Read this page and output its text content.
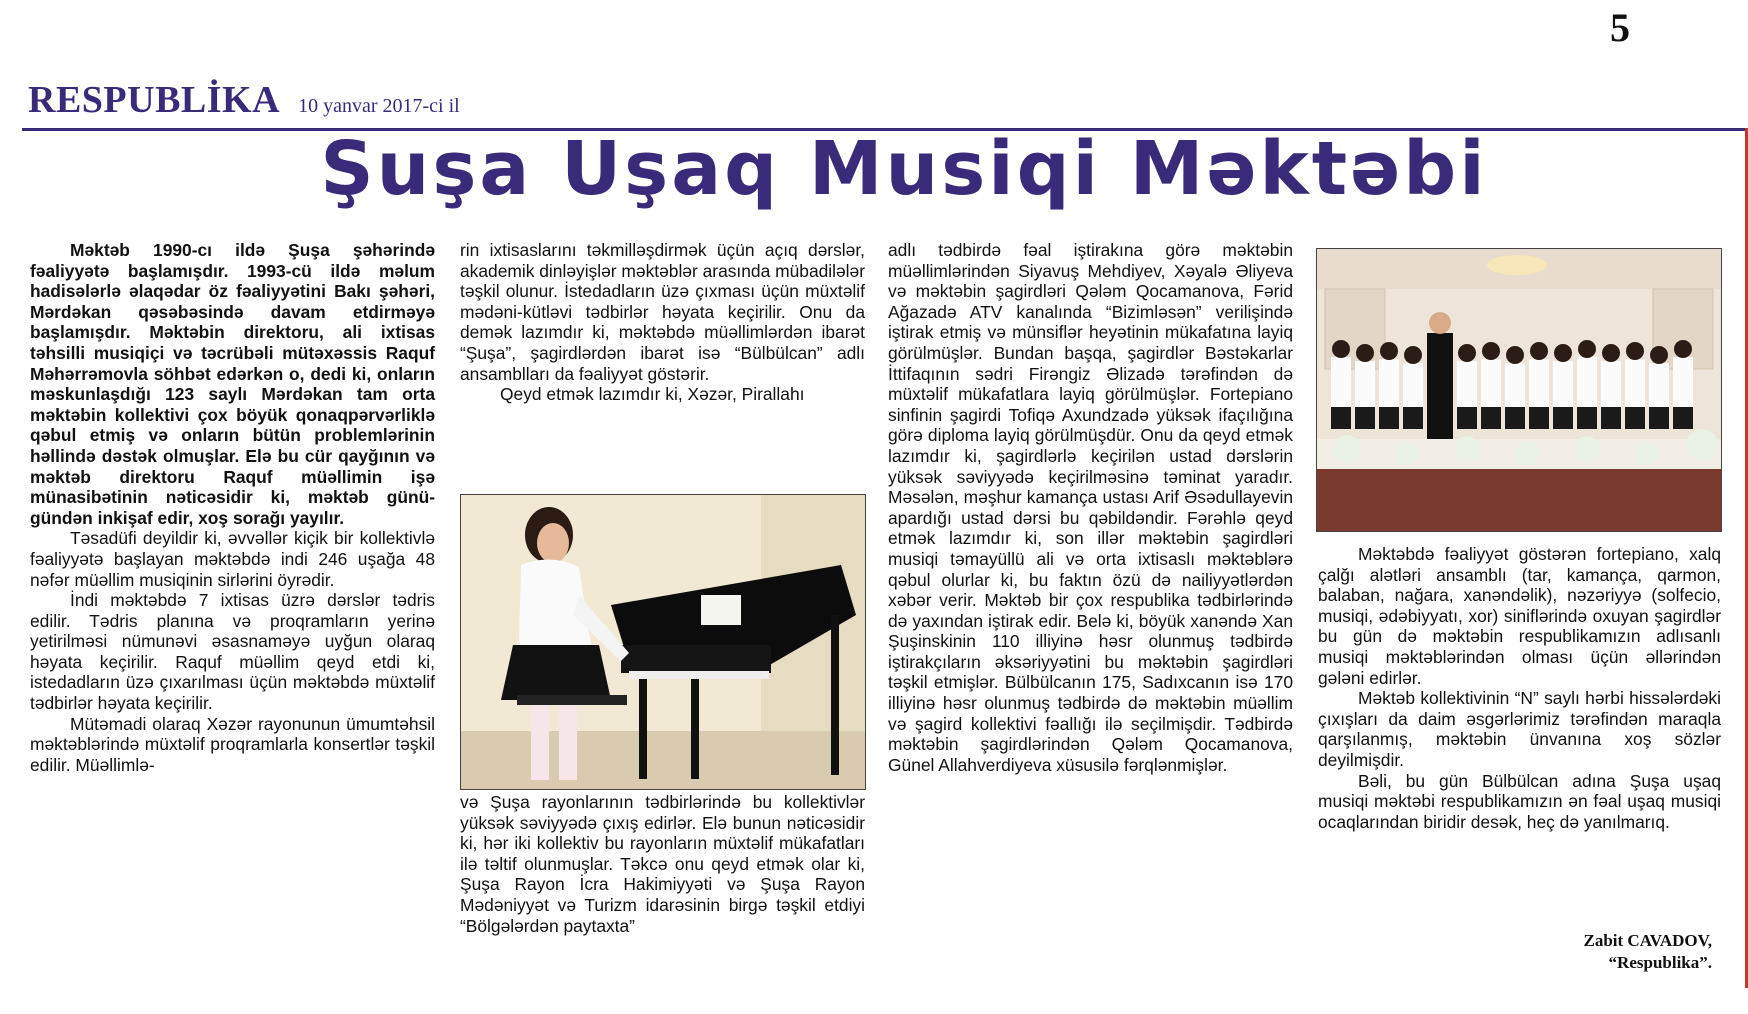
5
RESPUBLİKA 10 yanvar 2017-ci il
Şuşa Uşaq Musiqi Məktəbi

Məktəb 1990-cı ildə Şuşa şəhərində fəaliyyətə başlamışdır. 1993-cü ildə məlum hadisələrlə əlaqədar öz fəaliyyətini Bakı şəhəri, Mərdəkan qəsəbəsində davam etdirməyə başlamışdır. Məktəbin direktoru, ali ixtisas təhsilli musiqiçi və təcrübəli mütəxəssis Raquf Məhərrəmovla söhbət edərkən o, dedi ki, onların məskunlaşdığı 123 saylı Mərdəkan tam orta məktəbin kollektivi çox böyük qonaqpərvərliklə qəbul etmiş və onların bütün problemlərinin həllində dəstək olmuşlar. Elə bu cür qayğının və məktəb direktoru Raquf müəllimin işə münasibətinin nəticəsidir ki, məktəb günü-gündən inkişaf edir, xoş sorağı yayılır.

Təsadüfi deyildir ki, əvvəllər kiçik bir kollektivlə fəaliyyətə başlayan məktəbdə indi 246 uşağa 48 nəfər müəllim musiqinin sirlərini öyrədir.

İndi məktəbdə 7 ixtisas üzrə dərslər tədris edilir. Tədris planına və proqramların yerinə yetirilməsi nümunəvi əsasnaməyə uyğun olaraq həyata keçirilir. Raquf müəllim qeyd etdi ki, istedadların üzə çıxarılması üçün məktəbdə müxtəlif tədbirlər həyata keçirilir.

Mütəmadi olaraq Xəzər rayonunun ümumtəhsil məktəblərində müxtəlif proqramlarla konsertlər təşkil edilir. Müəllimlə-

rin ixtisaslarını təkmilləşdirmək üçün açıq dərslər, akademik dinləyişlər məktəblər arasında mübadilələr təşkil olunur. İstedadların üzə çıxması üçün müxtəlif mədəni-kütləvi tədbirlər həyata keçirilir. Onu da demək lazımdır ki, məktəbdə müəllimlərdən ibarət “Şuşa”, şagirdlərdən ibarət isə “Bülbülcan” adlı ansamblları da fəaliyyət göstərir.

Qeyd etmək lazımdır ki, Xəzər, Pirallahı

və Şuşa rayonlarının tədbirlərində bu kollektivlər yüksək səviyyədə çıxış edirlər. Elə bunun nəticəsidir ki, hər iki kollektiv bu rayonların müxtəlif mükafatları ilə təltif olunmuşlar. Təkcə onu qeyd etmək olar ki, Şuşa Rayon İcra Hakimiyyəti və Şuşa Rayon Mədəniyyət və Turizm idarəsinin birgə təşkil etdiyi “Bölgələrdən paytaxta”

adlı tədbirdə fəal iştirakına görə məktəbin müəllimlərindən Siyavuş Mehdiyev, Xəyalə Əliyeva və məktəbin şagirdləri Qələm Qocamanova, Fərid Ağazadə ATV kanalında “Bizimləsən” verilişində iştirak etmiş və münsiflər heyətinin mükafatına layiq görülmüşlər. Bundan başqa, şagirdlər Bəstəkarlar İttifaqının sədri Firəngiz Əlizadə tərəfindən də müxtəlif mükafatlara layiq görülmüşlər. Fortepiano sinfinin şagirdi Tofiqə Axundzadə yüksək ifaçılığına görə diploma layiq görülmüşdür. Onu da qeyd etmək lazımdır ki, şagirdlərlə keçirilən ustad dərslərin yüksək səviyyədə keçirilməsinə təminat yaradır. Məsələn, məşhur kamança ustası Arif Əsədullayevin apardığı ustad dərsi bu qəbildəndir. Fərəhlə qeyd etmək lazımdır ki, son illər məktəbin şagirdləri musiqi təmayüllü ali və orta ixtisaslı məktəblərə qəbul olurlar ki, bu faktın özü də nailiyyətlərdən xəbər verir. Məktəb bir çox respublika tədbirlərində də yaxından iştirak edir. Belə ki, böyük xanəndə Xan Şuşinskinin 110 illiyinə həsr olunmuş tədbirdə iştirakçıların əksəriyyətini bu məktəbin şagirdləri təşkil etmişlər. Bülbülcanın 175, Sadıxcanın isə 170 illiyinə həsr olunmuş tədbirdə də məktəbin müəllim və şagird kollektivi fəallığı ilə seçilmişdir. Tədbirdə məktəbin şagirdlərindən Qələm Qocamanova, Günel Allahverdiyeva xüsusilə fərqlənmişlər.

Məktəbdə fəaliyyət göstərən fortepiano, xalq çalğı alətləri ansamblı (tar, kamança, qarmon, balaban, nağara, xanəndəlik), nəzəriyyə (solfecio, musiqi, ədəbiyyatı, xor) siniflərində oxuyan şagirdlər bu gün də məktəbin respublikamızın adlısanlı musiqi məktəblərindən olması üçün əllərindən gələni edirlər.

Məktəb kollektivinin “N” saylı hərbi hissələrdəki çıxışları da daim əsgərlərimiz tərəfindən maraqla qarşılanmış, məktəbin ünvanına xoş sözlər deyilmişdir.

Bəli, bu gün Bülbülcan adına Şuşa uşaq musiqi məktəbi respublikamızın ən fəal uşaq musiqi ocaqlarından biridir desək, heç də yanılmarıq.

Zabit CAVADOV,
“Respublika”.
